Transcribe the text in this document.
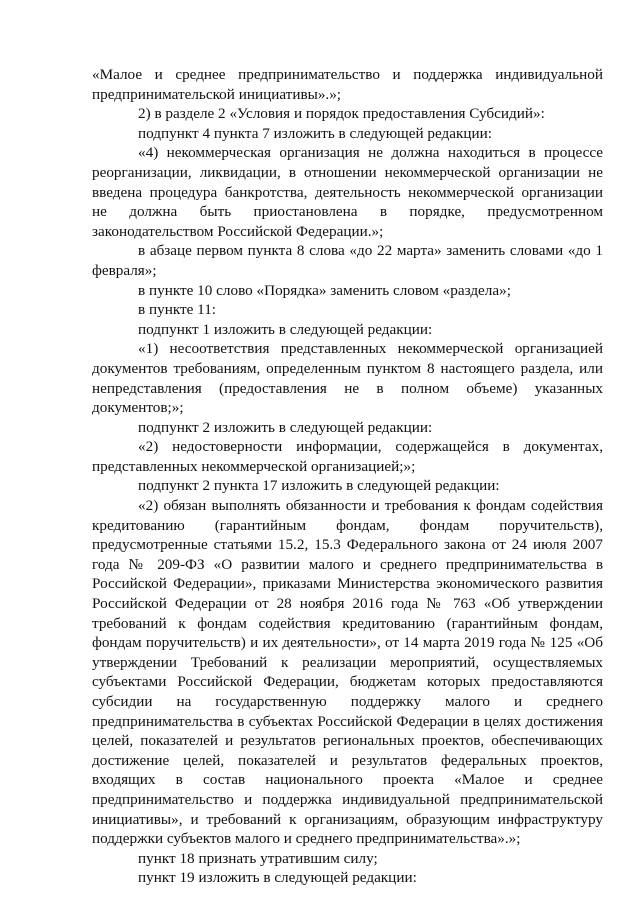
«Малое и среднее предпринимательство и поддержка индивидуальной предпринимательской инициативы».»;

2) в разделе 2 «Условия и порядок предоставления Субсидий»:

подпункт 4 пункта 7 изложить в следующей редакции:

«4) некоммерческая организация не должна находиться в процессе реорганизации, ликвидации, в отношении некоммерческой организации не введена процедура банкротства, деятельность некоммерческой организации не должна быть приостановлена в порядке, предусмотренном законодательством Российской Федерации.»;

в абзаце первом пункта 8 слова «до 22 марта» заменить словами «до 1 февраля»;

в пункте 10 слово «Порядка» заменить словом «раздела»;

в пункте 11:

подпункт 1 изложить в следующей редакции:

«1) несоответствия представленных некоммерческой организацией документов требованиям, определенным пунктом 8 настоящего раздела, или непредставления (предоставления не в полном объеме) указанных документов;»;

подпункт 2 изложить в следующей редакции:

«2) недостоверности информации, содержащейся в документах, представленных некоммерческой организацией;»;

подпункт 2 пункта 17 изложить в следующей редакции:

«2) обязан выполнять обязанности и требования к фондам содействия кредитованию (гарантийным фондам, фондам поручительств), предусмотренные статьями 15.2, 15.3 Федерального закона от 24 июля 2007 года № 209-ФЗ «О развитии малого и среднего предпринимательства в Российской Федерации», приказами Министерства экономического развития Российской Федерации от 28 ноября 2016 года № 763 «Об утверждении требований к фондам содействия кредитованию (гарантийным фондам, фондам поручительств) и их деятельности», от 14 марта 2019 года № 125 «Об утверждении Требований к реализации мероприятий, осуществляемых субъектами Российской Федерации, бюджетам которых предоставляются субсидии на государственную поддержку малого и среднего предпринимательства в субъектах Российской Федерации в целях достижения целей, показателей и результатов региональных проектов, обеспечивающих достижение целей, показателей и результатов федеральных проектов, входящих в состав национального проекта «Малое и среднее предпринимательство и поддержка индивидуальной предпринимательской инициативы», и требований к организациям, образующим инфраструктуру поддержки субъектов малого и среднего предпринимательства».»;

пункт 18 признать утратившим силу;

пункт 19 изложить в следующей редакции:
